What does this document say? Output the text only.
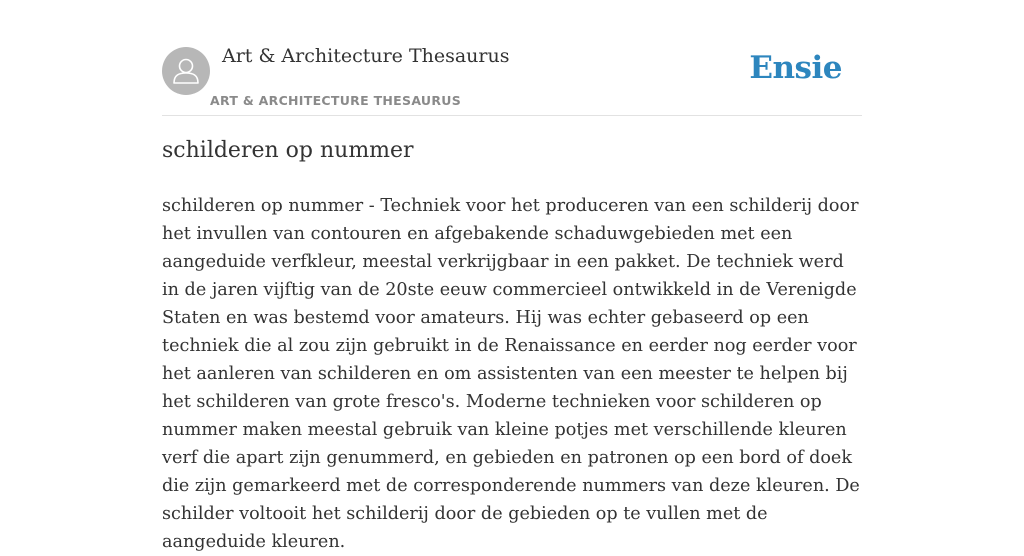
Art & Architecture Thesaurus
ART & ARCHITECTURE THESAURUS
Ensie
schilderen op nummer

schilderen op nummer - Techniek voor het produceren van een schilderij door het invullen van contouren en afgebakende schaduwgebieden met een aangeduide verfkleur, meestal verkrijgbaar in een pakket. De techniek werd in de jaren vijftig van de 20ste eeuw commercieel ontwikkeld in de Verenigde Staten en was bestemd voor amateurs. Hij was echter gebaseerd op een techniek die al zou zijn gebruikt in de Renaissance en eerder nog eerder voor het aanleren van schilderen en om assistenten van een meester te helpen bij het schilderen van grote fresco's. Moderne technieken voor schilderen op nummer maken meestal gebruik van kleine potjes met verschillende kleuren verf die apart zijn genummerd, en gebieden en patronen op een bord of doek die zijn gemarkeerd met de corresponderende nummers van deze kleuren. De schilder voltooit het schilderij door de gebieden op te vullen met de aangeduide kleuren.
